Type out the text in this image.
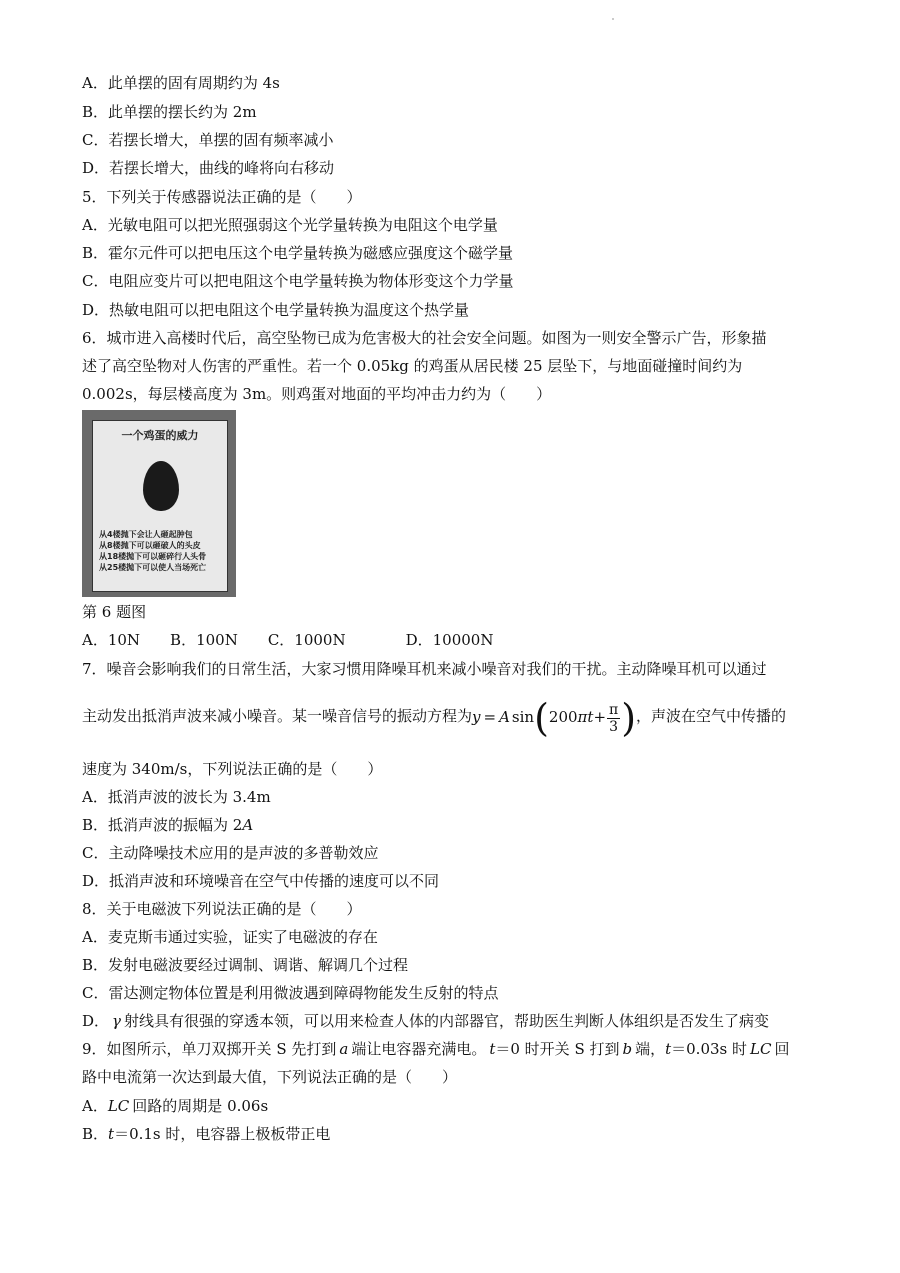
A．此单摆的固有周期约为 4s
B．此单摆的摆长约为 2m
C．若摆长增大，单摆的固有频率减小
D．若摆长增大，曲线的峰将向右移动
5．下列关于传感器说法正确的是（　　）
A．光敏电阻可以把光照强弱这个光学量转换为电阻这个电学量
B．霍尔元件可以把电压这个电学量转换为磁感应强度这个磁学量
C．电阻应变片可以把电阻这个电学量转换为物体形变这个力学量
D．热敏电阻可以把电阻这个电学量转换为温度这个热学量
6．城市进入高楼时代后，高空坠物已成为危害极大的社会安全问题。如图为一则安全警示广告，形象描
述了高空坠物对人伤害的严重性。若一个 0.05kg 的鸡蛋从居民楼 25 层坠下，与地面碰撞时间约为
0.002s，每层楼高度为 3m。则鸡蛋对地面的平均冲击力约为（　　）
一个鸡蛋的威力
从4楼抛下会让人砸起肿包
从8楼抛下可以砸破人的头皮
从18楼抛下可以砸碎行人头骨
从25楼抛下可以使人当场死亡
第 6 题图
A．10N　　B．100N　　C．1000N　　　　D．10000N
7．噪音会影响我们的日常生活，大家习惯用降噪耳机来减小噪音对我们的干扰。主动降噪耳机可以通过
主动发出抵消声波来减小噪音。某一噪音信号的振动方程为y = A $\sin(200\pi t+ \frac{\pi}{3}$ )，声波在空气中传播的
速度为 340m/s，下列说法正确的是（　　）
A．抵消声波的波长为 3.4m
B．抵消声波的振幅为 2A
C．主动降噪技术应用的是声波的多普勒效应
D．抵消声波和环境噪音在空气中传播的速度可以不同
8．关于电磁波下列说法正确的是（　　）
A．麦克斯韦通过实验，证实了电磁波的存在
B．发射电磁波要经过调制、调谐、解调几个过程
C．雷达测定物体位置是利用微波遇到障碍物能发生反射的特点
D． γ 射线具有很强的穿透本领，可以用来检查人体的内部器官，帮助医生判断人体组织是否发生了病变
9．如图所示，单刀双掷开关 S 先打到 a 端让电容器充满电。 t＝0 时开关 S 打到 b 端，t＝0.03s 时 LC 回
路中电流第一次达到最大值，下列说法正确的是（　　）
A．LC 回路的周期是 0.06s
B．t＝0.1s 时，电容器上极板带正电
